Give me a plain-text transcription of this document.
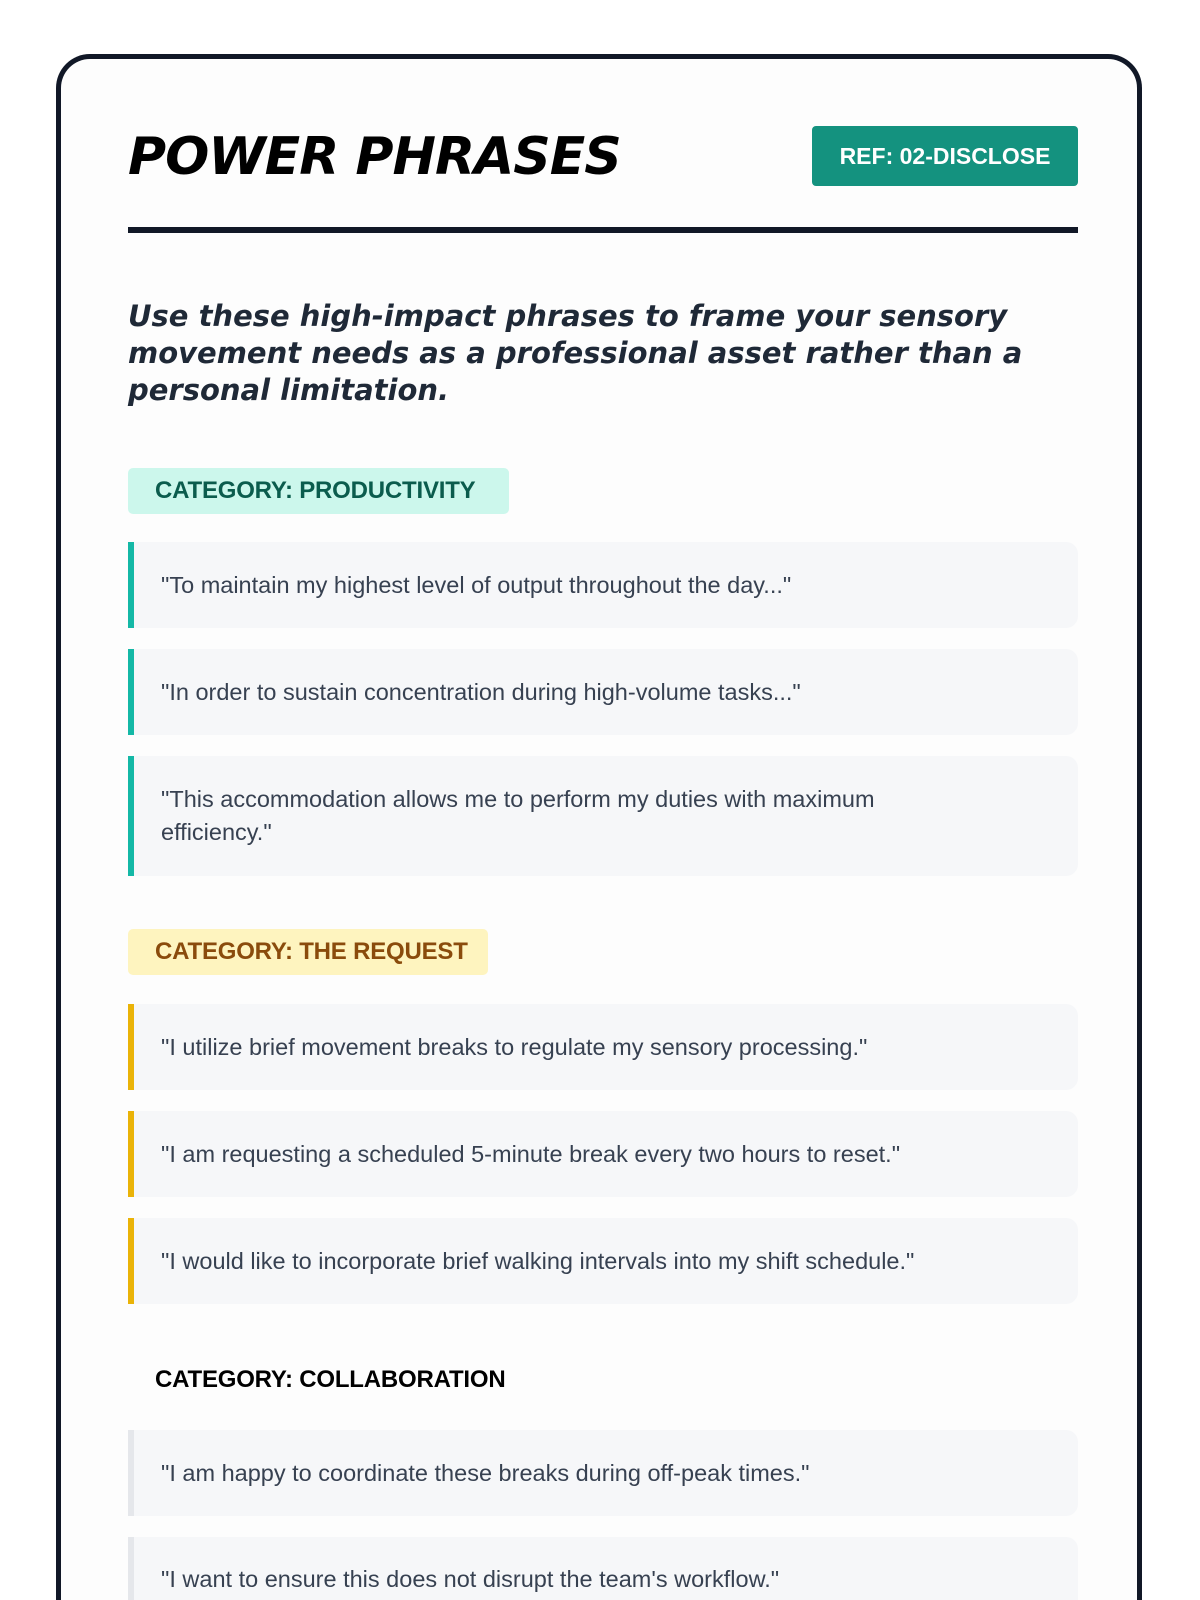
POWER PHRASES	REF: 02-DISCLOSE

Use these high-impact phrases to frame your sensory movement needs as a professional asset rather than a personal limitation.

CATEGORY: PRODUCTIVITY
"To maintain my highest level of output throughout the day..."
"In order to sustain concentration during high-volume tasks..."
"This accommodation allows me to perform my duties with maximum efficiency."
CATEGORY: THE REQUEST
"I utilize brief movement breaks to regulate my sensory processing."
"I am requesting a scheduled 5-minute break every two hours to reset."
"I would like to incorporate brief walking intervals into my shift schedule."
CATEGORY: COLLABORATION
"I am happy to coordinate these breaks during off-peak times."
"I want to ensure this does not disrupt the team's workflow."
